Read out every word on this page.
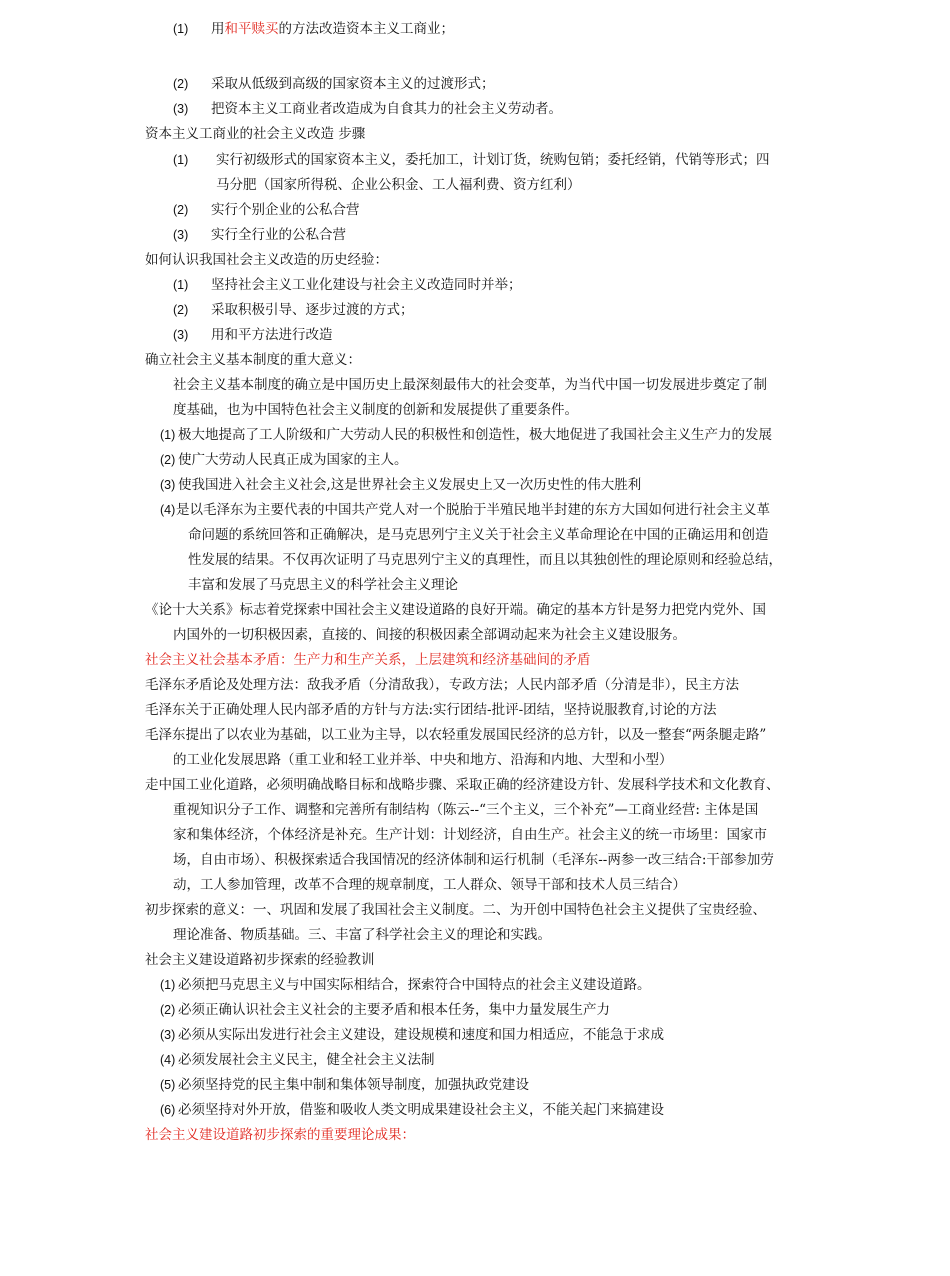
(1) 用和平赎买的方法改造资本主义工商业；
(2) 采取从低级到高级的国家资本主义的过渡形式；
(3) 把资本主义工商业者改造成为自食其力的社会主义劳动者。
资本主义工商业的社会主义改造 步骤
(1) 实行初级形式的国家资本主义，委托加工，计划订货，统购包销；委托经销，代销等形式；四
马分肥（国家所得税、企业公积金、工人福利费、资方红利）
(2) 实行个别企业的公私合营
(3) 实行全行业的公私合营
如何认识我国社会主义改造的历史经验：
(1) 坚持社会主义工业化建设与社会主义改造同时并举；
(2) 采取积极引导、逐步过渡的方式；
(3) 用和平方法进行改造
确立社会主义基本制度的重大意义：
社会主义基本制度的确立是中国历史上最深刻最伟大的社会变革，为当代中国一切发展进步奠定了制
度基础，也为中国特色社会主义制度的创新和发展提供了重要条件。
(1) 极大地提高了工人阶级和广大劳动人民的积极性和创造性，极大地促进了我国社会主义生产力的发展
(2) 使广大劳动人民真正成为国家的主人。
(3) 使我国进入社会主义社会,这是世界社会主义发展史上又一次历史性的伟大胜利
(4) 是以毛泽东为主要代表的中国共产党人对一个脱胎于半殖民地半封建的东方大国如何进行社会主义革
命问题的系统回答和正确解决，是马克思列宁主义关于社会主义革命理论在中国的正确运用和创造
性发展的结果。不仅再次证明了马克思列宁主义的真理性，而且以其独创性的理论原则和经验总结，
丰富和发展了马克思主义的科学社会主义理论
《论十大关系》标志着党探索中国社会主义建设道路的良好开端。确定的基本方针是努力把党内党外、国
内国外的一切积极因素，直接的、间接的积极因素全部调动起来为社会主义建设服务。
社会主义社会基本矛盾：生产力和生产关系，上层建筑和经济基础间的矛盾
毛泽东矛盾论及处理方法：敌我矛盾（分清敌我），专政方法；人民内部矛盾（分清是非），民主方法
毛泽东关于正确处理人民内部矛盾的方针与方法:实行团结-批评-团结，坚持说服教育,讨论的方法
毛泽东提出了以农业为基础，以工业为主导，以农轻重发展国民经济的总方针，以及一整套“两条腿走路”
的工业化发展思路（重工业和轻工业并举、中央和地方、沿海和内地、大型和小型）
走中国工业化道路，必须明确战略目标和战略步骤、采取正确的经济建设方针、发展科学技术和文化教育、
重视知识分子工作、调整和完善所有制结构（陈云--“三个主义，三个补充”—工商业经营: 主体是国
家和集体经济，个体经济是补充。生产计划：计划经济，自由生产。社会主义的统一市场里：国家市
场，自由市场）、积极探索适合我国情况的经济体制和运行机制（毛泽东--两参一改三结合:干部参加劳
动，工人参加管理，改革不合理的规章制度，工人群众、领导干部和技术人员三结合）
初步探索的意义：一、巩固和发展了我国社会主义制度。二、为开创中国特色社会主义提供了宝贵经验、
理论准备、物质基础。三、丰富了科学社会主义的理论和实践。
社会主义建设道路初步探索的经验教训
(1) 必须把马克思主义与中国实际相结合，探索符合中国特点的社会主义建设道路。
(2) 必须正确认识社会主义社会的主要矛盾和根本任务，集中力量发展生产力
(3) 必须从实际出发进行社会主义建设，建设规模和速度和国力相适应，不能急于求成
(4) 必须发展社会主义民主，健全社会主义法制
(5) 必须坚持党的民主集中制和集体领导制度，加强执政党建设
(6) 必须坚持对外开放，借鉴和吸收人类文明成果建设社会主义，不能关起门来搞建设
社会主义建设道路初步探索的重要理论成果：
